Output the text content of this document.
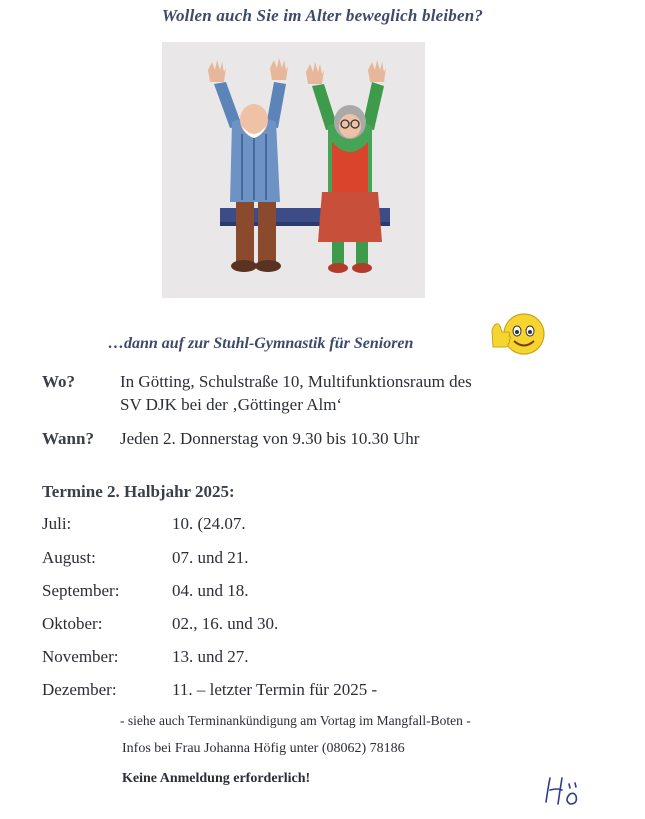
Wollen auch Sie im Alter beweglich bleiben?
…dann auf zur Stuhl-Gymnastik für Senioren
Wo?	In Götting, Schulstraße 10, Multifunktionsraum des
SV DJK bei der ‚Göttinger Alm‘
Wann? Jeden 2. Donnerstag von 9.30 bis 10.30 Uhr
Termine 2. Halbjahr 2025:
Juli:	10. (24.07.
August:	07. und 21.
September:	04. und 18.
Oktober:	02., 16. und 30.
November:	13. und 27.
Dezember:	11. – letzter Termin für 2025 -
- siehe auch Terminankündigung am Vortag im Mangfall-Boten -
Infos bei Frau Johanna Höfig unter (08062) 78186
Keine Anmeldung erforderlich!
